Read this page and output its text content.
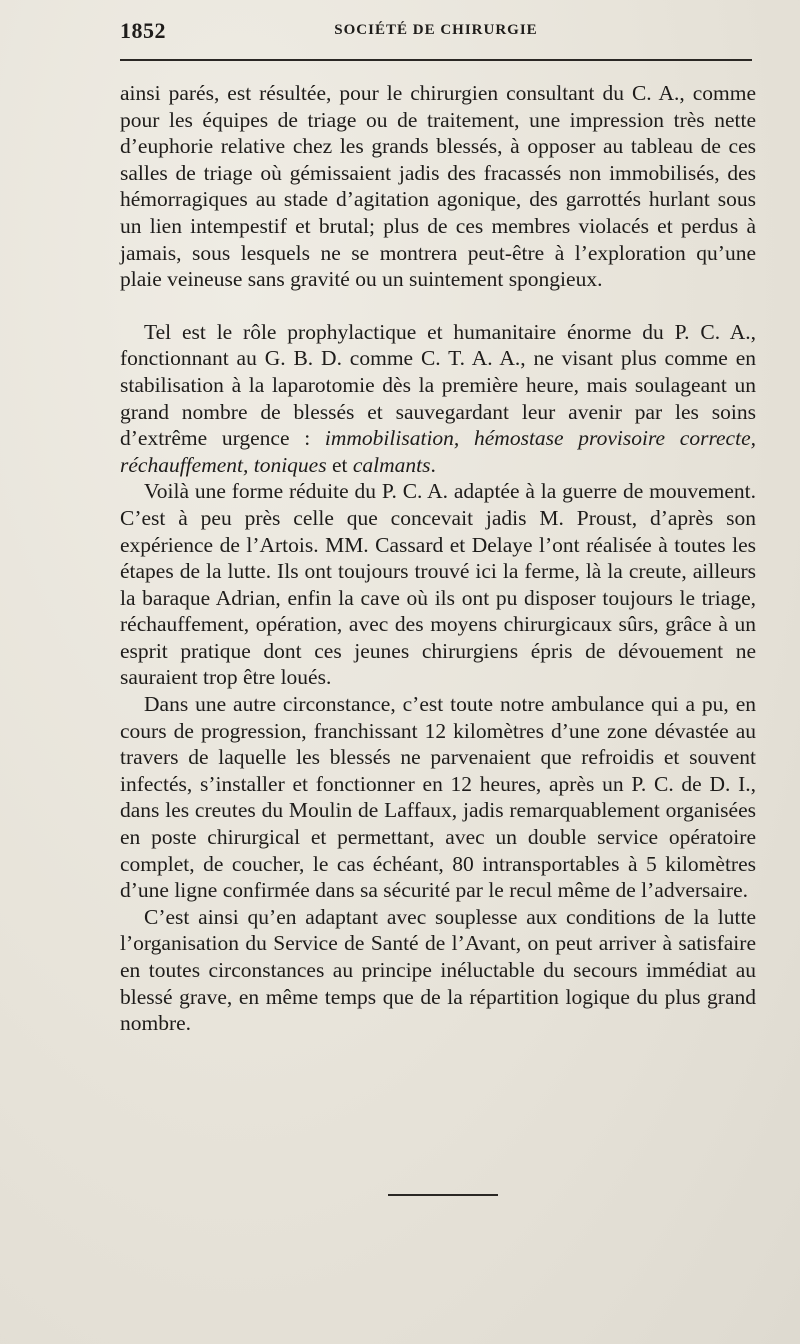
1852	SOCIÉTÉ DE CHIRURGIE

ainsi parés, est résultée, pour le chirurgien consultant du C. A., comme pour les équipes de triage ou de traitement, une impression très nette d’euphorie relative chez les grands blessés, à opposer au tableau de ces salles de triage où gémissaient jadis des fracassés non immobilisés, des hémorragiques au stade d’agitation agonique, des garrottés hurlant sous un lien intempestif et brutal; plus de ces membres violacés et perdus à jamais, sous lesquels ne se montrera peut-être à l’exploration qu’une plaie veineuse sans gravité ou un suintement spongieux.

Tel est le rôle prophylactique et humanitaire énorme du P. C. A., fonctionnant au G. B. D. comme C. T. A. A., ne visant plus comme en stabilisation à la laparotomie dès la première heure, mais soulageant un grand nombre de blessés et sauvegardant leur avenir par les soins d’extrême urgence : immobilisation, hémostase provisoire correcte, réchauffement, toniques et calmants.

Voilà une forme réduite du P. C. A. adaptée à la guerre de mouvement. C’est à peu près celle que concevait jadis M. Proust, d’après son expérience de l’Artois. MM. Cassard et Delaye l’ont réalisée à toutes les étapes de la lutte. Ils ont toujours trouvé ici la ferme, là la creute, ailleurs la baraque Adrian, enfin la cave où ils ont pu disposer toujours le triage, réchauffement, opération, avec des moyens chirurgicaux sûrs, grâce à un esprit pratique dont ces jeunes chirurgiens épris de dévouement ne sauraient trop être loués.

Dans une autre circonstance, c’est toute notre ambulance qui a pu, en cours de progression, franchissant 12 kilomètres d’une zone dévastée au travers de laquelle les blessés ne parvenaient que refroidis et souvent infectés, s’installer et fonctionner en 12 heures, après un P. C. de D. I., dans les creutes du Moulin de Laffaux, jadis remarquablement organisées en poste chirurgical et permettant, avec un double service opératoire complet, de coucher, le cas échéant, 80 intransportables à 5 kilomètres d’une ligne confirmée dans sa sécurité par le recul même de l’adversaire.

C’est ainsi qu’en adaptant avec souplesse aux conditions de la lutte l’organisation du Service de Santé de l’Avant, on peut arriver à satisfaire en toutes circonstances au principe inéluctable du secours immédiat au blessé grave, en même temps que de la répartition logique du plus grand nombre.
